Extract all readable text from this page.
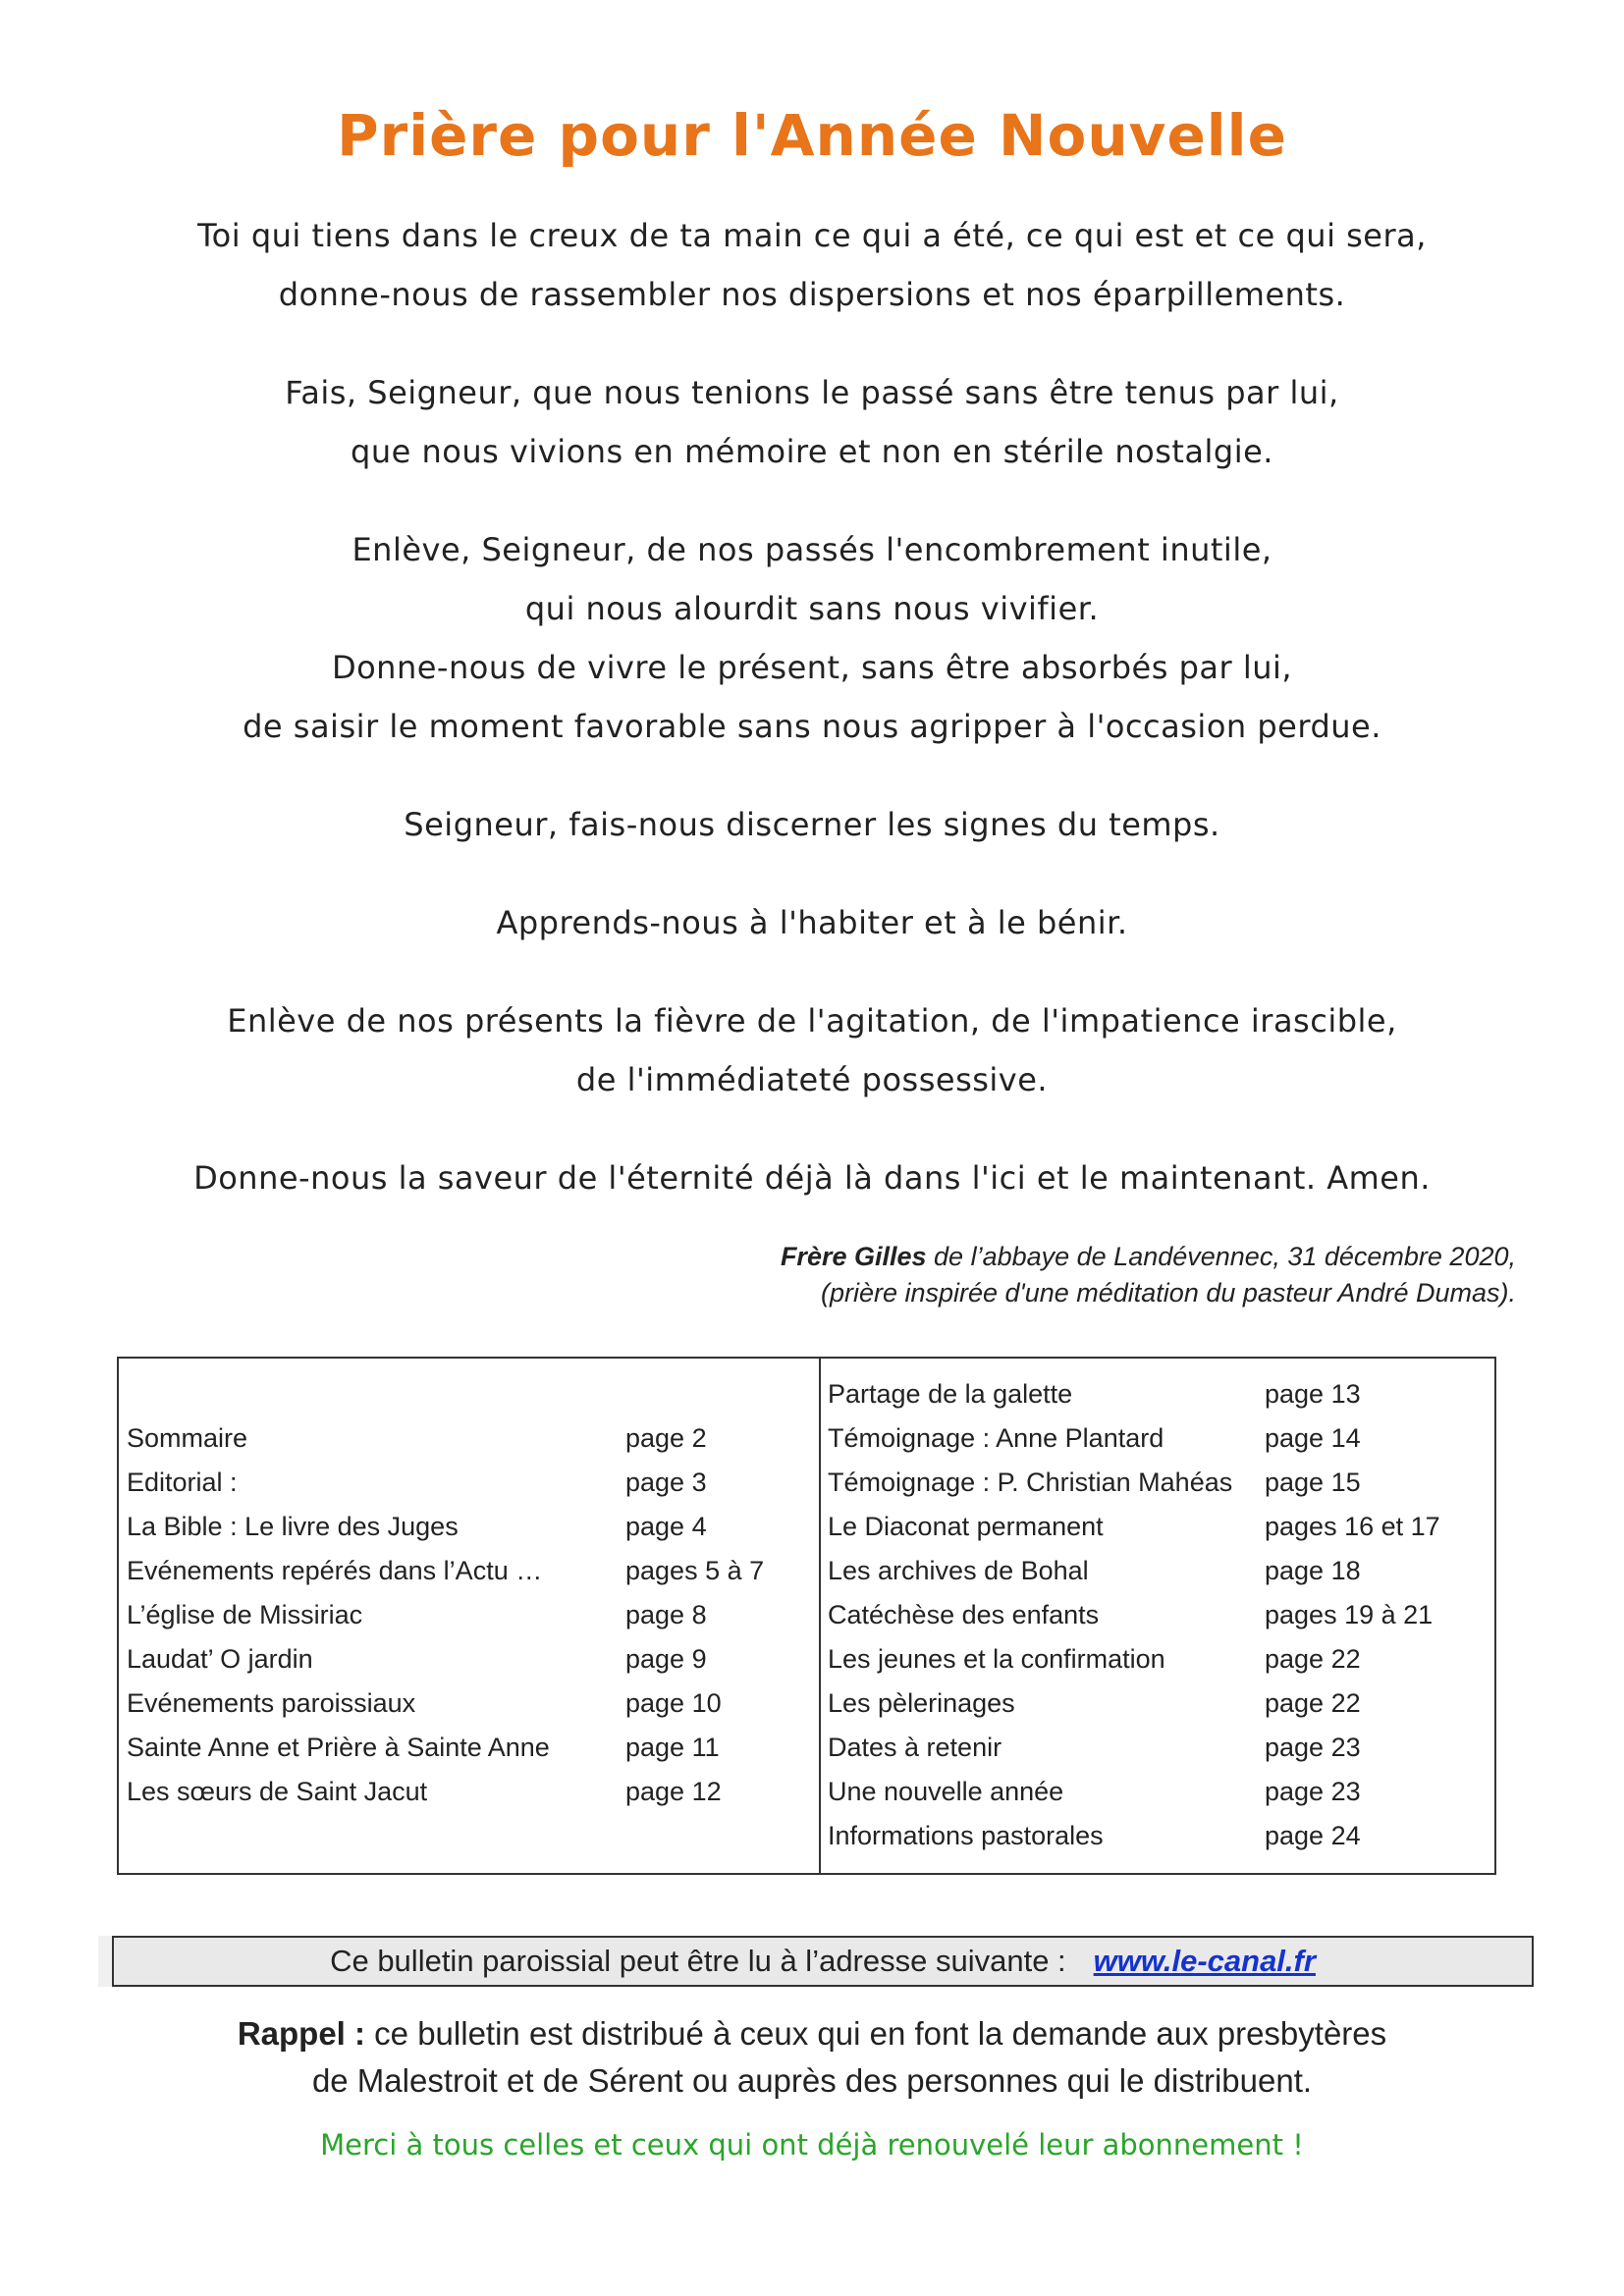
Prière pour l'Année Nouvelle

Toi qui tiens dans le creux de ta main ce qui a été, ce qui est et ce qui sera,
donne-nous de rassembler nos dispersions et nos éparpillements.

Fais, Seigneur, que nous tenions le passé sans être tenus par lui,
que nous vivions en mémoire et non en stérile nostalgie.

Enlève, Seigneur, de nos passés l'encombrement inutile,
qui nous alourdit sans nous vivifier.
Donne-nous de vivre le présent, sans être absorbés par lui,
de saisir le moment favorable sans nous agripper à l'occasion perdue.

Seigneur, fais-nous discerner les signes du temps.

Apprends-nous à l'habiter et à le bénir.

Enlève de nos présents la fièvre de l'agitation, de l'impatience irascible,
de l'immédiateté possessive.

Donne-nous la saveur de l'éternité déjà là dans l'ici et le maintenant. Amen.

Frère Gilles de l’abbaye de Landévennec, 31 décembre 2020,
(prière inspirée d'une méditation du pasteur André Dumas).
Sommaire	page 2
Editorial :	page 3
La Bible : Le livre des Juges	page 4
Evénements repérés dans l’Actu …	pages 5 à 7
L’église de Missiriac	page 8
Laudat’ O jardin	page 9
Evénements paroissiaux	page 10
Sainte Anne et Prière à Sainte Anne	page 11
Les sœurs de Saint Jacut	page 12
Partage de la galette	page 13
Témoignage : Anne Plantard	page 14
Témoignage : P. Christian Mahéas page 15
Le Diaconat permanent	pages 16 et 17
Les archives de Bohal	page 18
Catéchèse des enfants	pages 19 à 21
Les jeunes et la confirmation	page 22
Les pèlerinages	page 22
Dates à retenir	page 23
Une nouvelle année	page 23
Informations pastorales	page 24
Ce bulletin paroissial peut être lu à l’adresse suivante : www.le-canal.fr
Rappel : ce bulletin est distribué à ceux qui en font la demande aux presbytères
de Malestroit et de Sérent ou auprès des personnes qui le distribuent.
Merci à tous celles et ceux qui ont déjà renouvelé leur abonnement !
